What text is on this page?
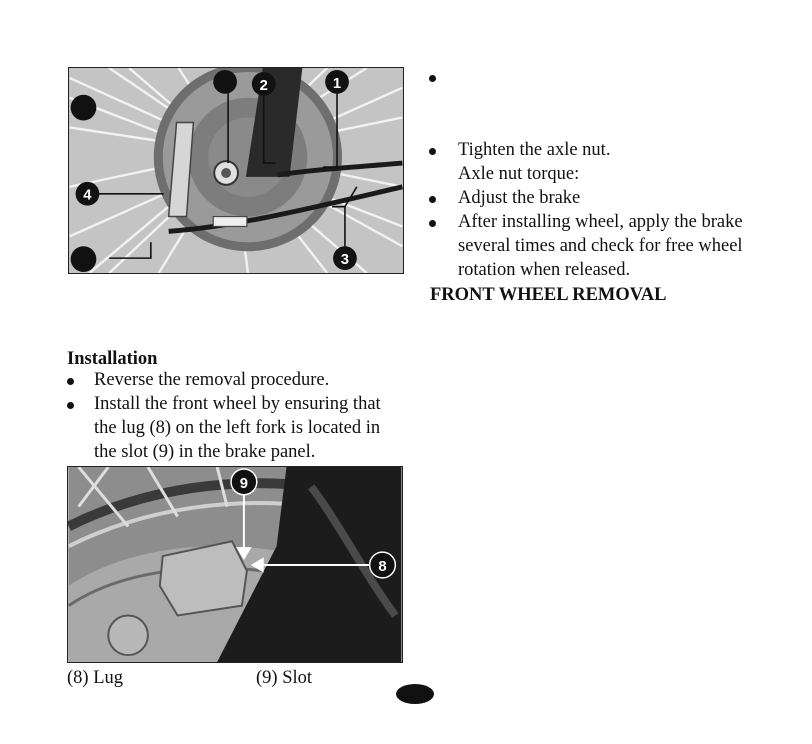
1
2
3
4
Tighten the axle nut.
Axle nut torque:
Adjust the brake
After installing wheel, apply the brake
several times and check for free wheel
rotation when released.
FRONT WHEEL REMOVAL
Installation
Reverse the removal procedure.
Install the front wheel by ensuring that
the lug (8) on the left fork is located in
the slot (9) in the brake panel.
9
8
(8) Lug	(9) Slot
